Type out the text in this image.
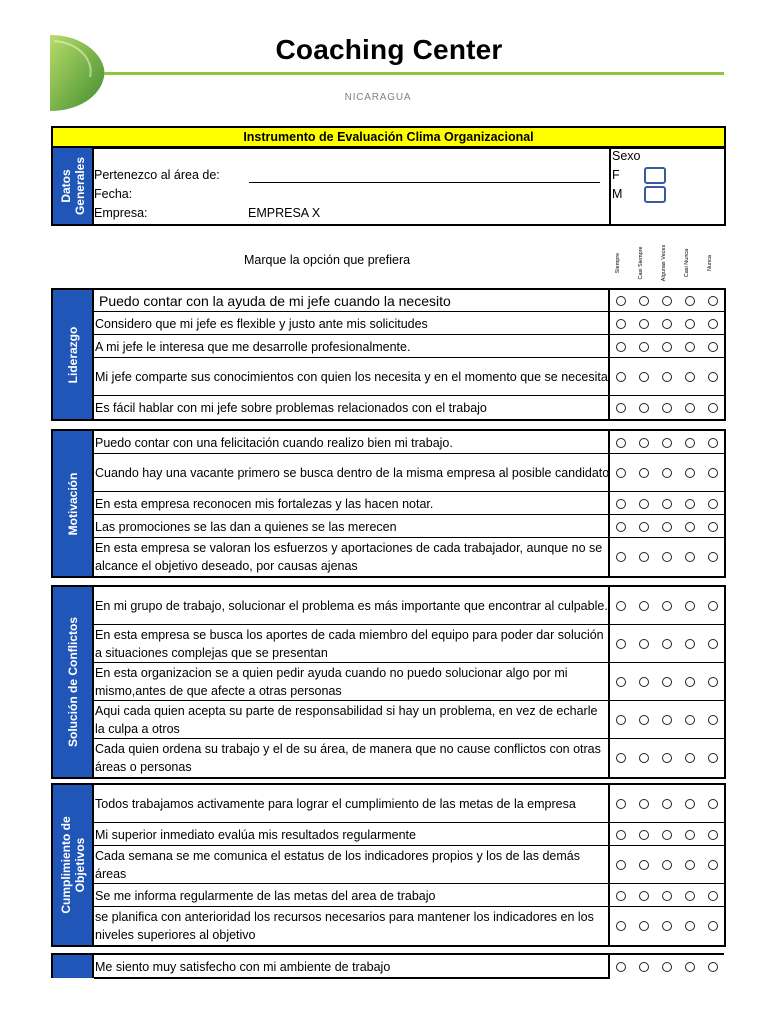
Coaching Center
NICARAGUA
Instrumento de Evaluación Clima Organizacional
Datos Generales Pertenezco al área de:
Fecha:
Empresa:	EMPRESA X
Sexo
F
M
Marque la opción que prefiera	Siempre	Casi Siempre	Algunas Veces	Casi Nunca	Nunca
Liderazgo
Puedo contar con la ayuda de mi jefe cuando la necesito
Considero que mi jefe es flexible y justo ante mis solicitudes
A mi jefe le interesa que me desarrolle profesionalmente.
Mi jefe comparte sus conocimientos con quien los necesita y en el momento que se necesita
Es fácil hablar con mi jefe sobre problemas relacionados con el trabajo
Motivación
Puedo contar con una felicitación cuando realizo bien mi trabajo.
Cuando hay una vacante primero se busca dentro de la misma empresa al posible candidato
En esta empresa reconocen mis fortalezas y las hacen notar.
Las promociones se las dan a quienes se las merecen
En esta empresa se valoran los esfuerzos y aportaciones de cada trabajador, aunque no se alcance el objetivo deseado, por causas ajenas
Solución de Conflictos
En mi grupo de trabajo, solucionar el problema es más importante que encontrar al culpable.
En esta empresa se busca los aportes de cada miembro del equipo para poder dar solución a situaciones complejas que se presentan
En esta organizacion se a quien pedir ayuda cuando no puedo solucionar algo por mi mismo,antes de que afecte a otras personas
Aqui cada quien acepta su parte de responsabilidad si hay un problema, en vez de echarle la culpa a otros
Cada quien ordena su trabajo y el de su área, de manera que no cause conflictos con otras áreas o personas
Cumplimiento de Objetivos
Todos trabajamos activamente para lograr el cumplimiento de las metas de la empresa
Mi superior inmediato evalúa mis resultados regularmente
Cada semana se me comunica el estatus de los indicadores propios y los de las demás áreas
Se me informa regularmente de las metas del area de trabajo
se planifica con anterioridad los recursos necesarios para mantener los indicadores en los niveles superiores al objetivo
Me siento muy satisfecho con mi ambiente de trabajo
